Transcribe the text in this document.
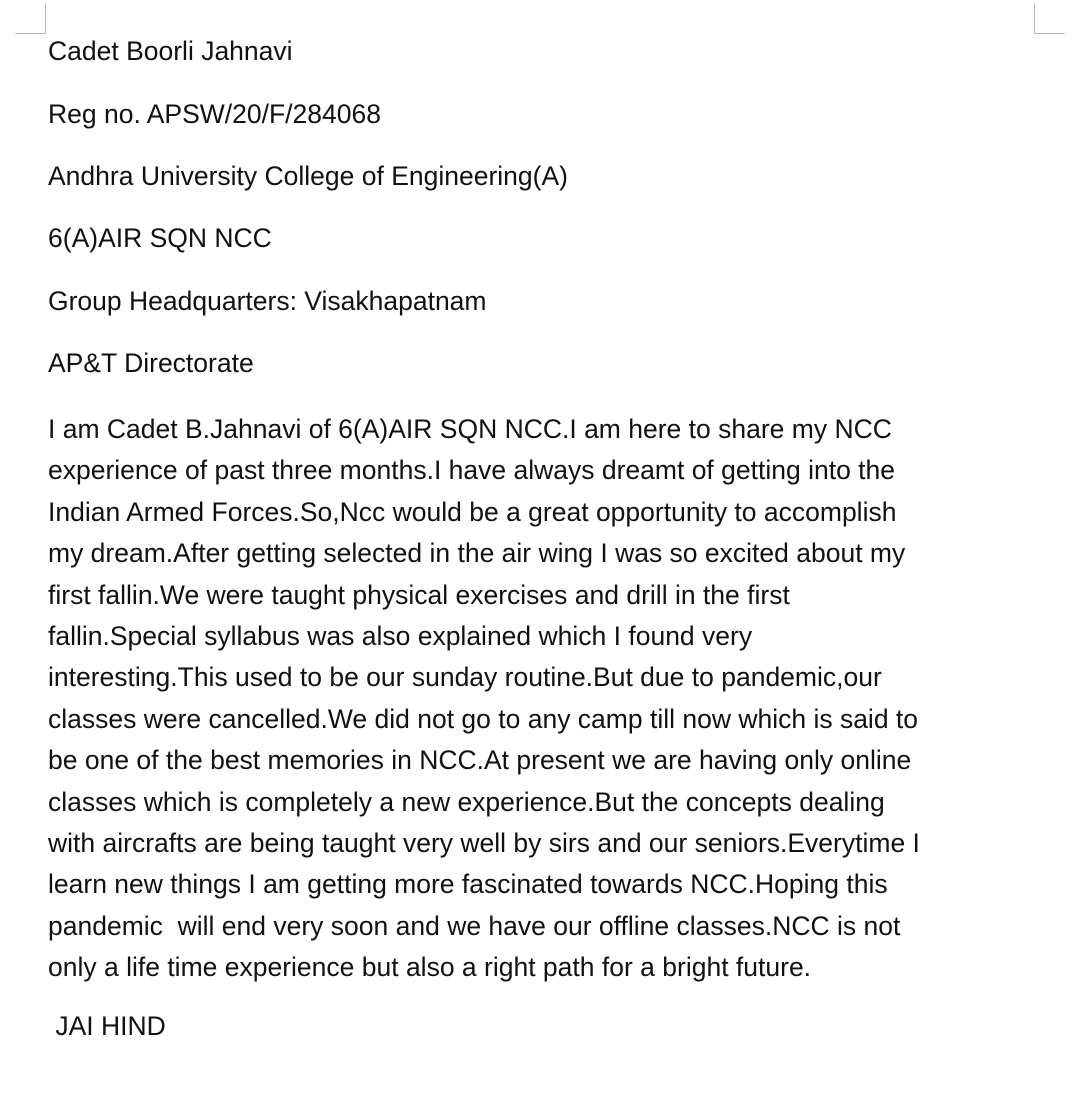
Cadet Boorli Jahnavi
Reg no. APSW/20/F/284068
Andhra University College of Engineering(A)
6(A)AIR SQN NCC
Group Headquarters: Visakhapatnam
AP&T Directorate
I am Cadet B.Jahnavi of 6(A)AIR SQN NCC.I am here to share my NCC
experience of past three months.I have always dreamt of getting into the
Indian Armed Forces.So,Ncc would be a great opportunity to accomplish
my dream.After getting selected in the air wing I was so excited about my
first fallin.We were taught physical exercises and drill in the first
fallin.Special syllabus was also explained which I found very
interesting.This used to be our sunday routine.But due to pandemic,our
classes were cancelled.We did not go to any camp till now which is said to
be one of the best memories in NCC.At present we are having only online
classes which is completely a new experience.But the concepts dealing
with aircrafts are being taught very well by sirs and our seniors.Everytime I
learn new things I am getting more fascinated towards NCC.Hoping this
pandemic  will end very soon and we have our offline classes.NCC is not
only a life time experience but also a right path for a bright future.
JAI HIND
